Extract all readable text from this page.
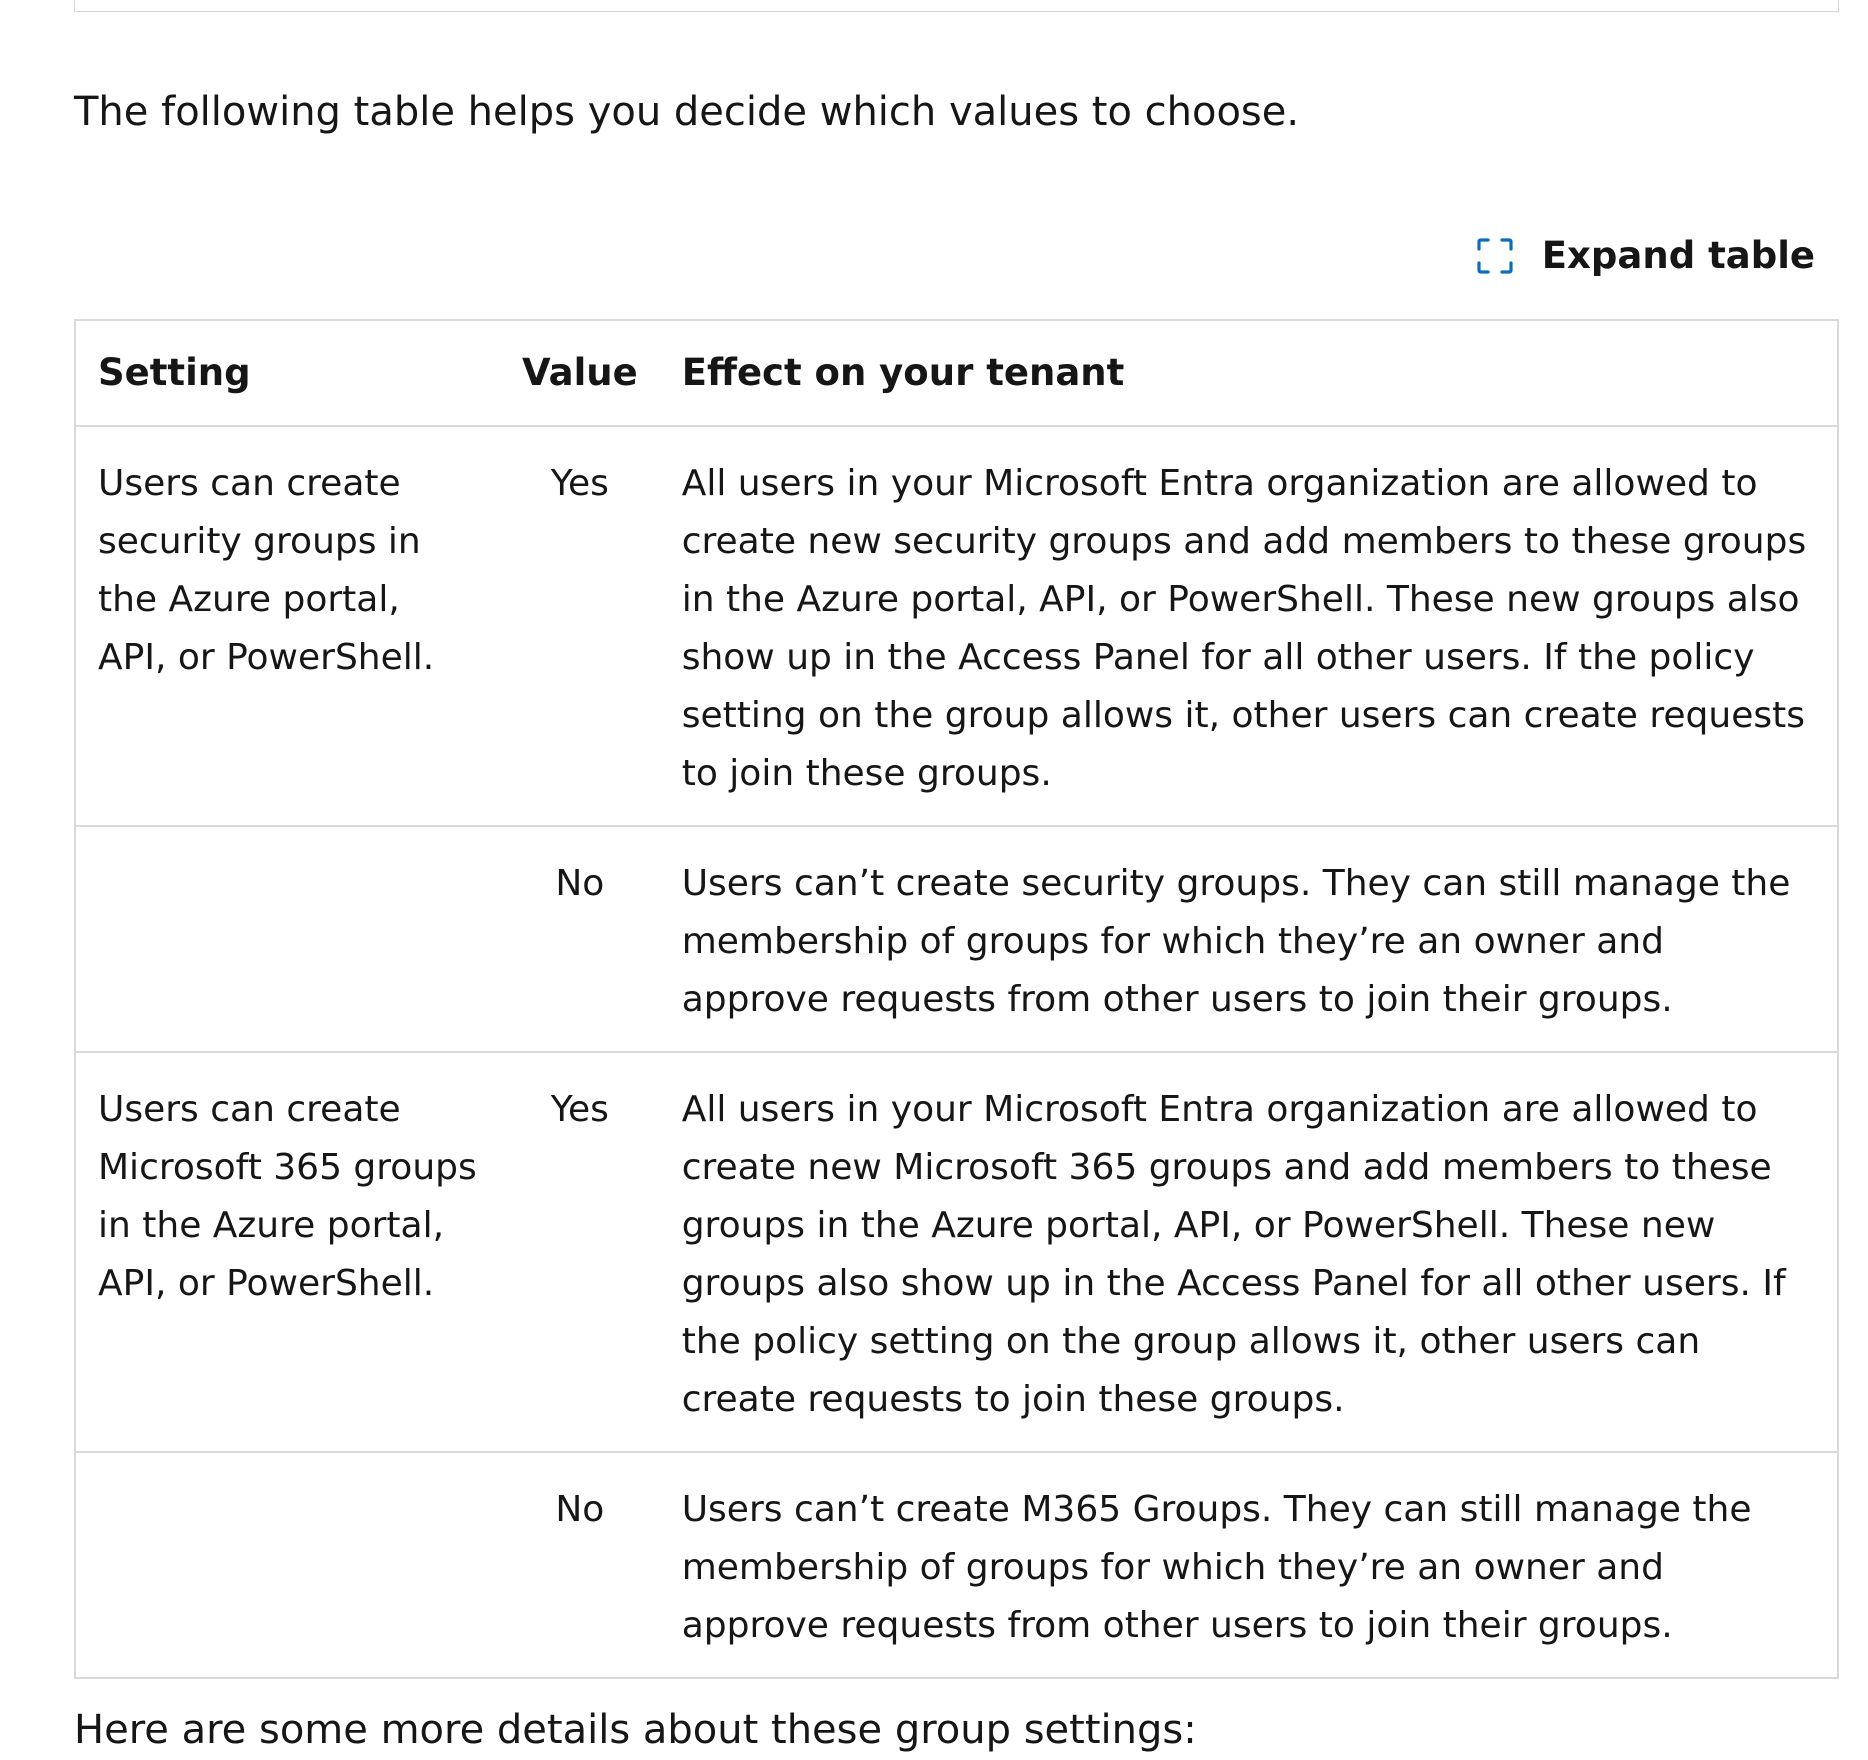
The following table helps you decide which values to choose.

Expand table
Setting	Value	Effect on your tenant
Users can create security groups in the Azure portal, API, or PowerShell.	Yes	All users in your Microsoft Entra organization are allowed to create new security groups and add members to these groups in the Azure portal, API, or PowerShell. These new groups also show up in the Access Panel for all other users. If the policy setting on the group allows it, other users can create requests to join these groups.
	No	Users can’t create security groups. They can still manage the membership of groups for which they’re an owner and approve requests from other users to join their groups.
Users can create Microsoft 365 groups in the Azure portal, API, or PowerShell.	Yes	All users in your Microsoft Entra organization are allowed to create new Microsoft 365 groups and add members to these groups in the Azure portal, API, or PowerShell. These new groups also show up in the Access Panel for all other users. If the policy setting on the group allows it, other users can create requests to join these groups.
	No	Users can’t create M365 Groups. They can still manage the membership of groups for which they’re an owner and approve requests from other users to join their groups.

Here are some more details about these group settings:
